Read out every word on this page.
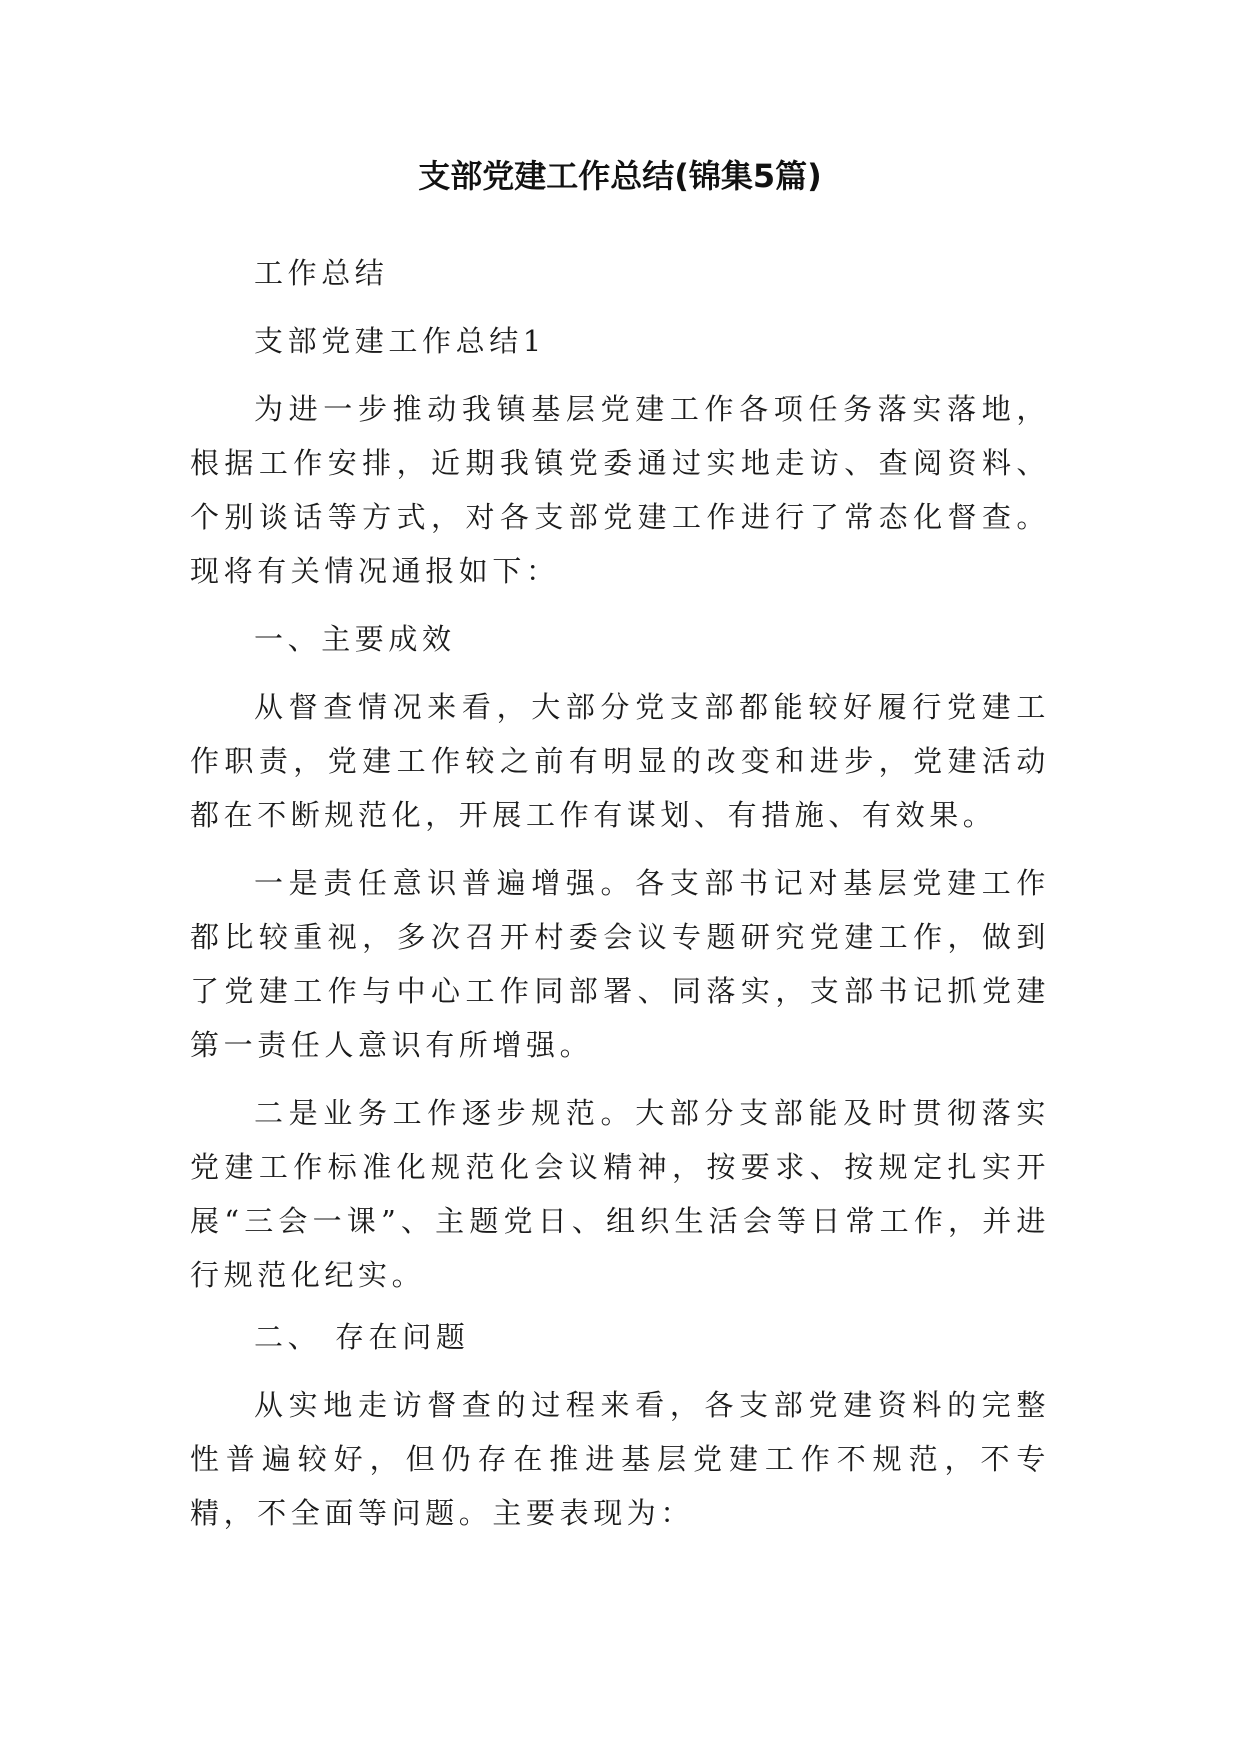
支部党建工作总结(锦集5篇)

工作总结

支部党建工作总结1

为进一步推动我镇基层党建工作各项任务落实落地，根据工作安排，近期我镇党委通过实地走访、查阅资料、个别谈话等方式，对各支部党建工作进行了常态化督查。现将有关情况通报如下：

一、主要成效

从督查情况来看，大部分党支部都能较好履行党建工作职责，党建工作较之前有明显的改变和进步，党建活动都在不断规范化，开展工作有谋划、有措施、有效果。

一是责任意识普遍增强。各支部书记对基层党建工作都比较重视，多次召开村委会议专题研究党建工作，做到了党建工作与中心工作同部署、同落实，支部书记抓党建第一责任人意识有所增强。

二是业务工作逐步规范。大部分支部能及时贯彻落实党建工作标准化规范化会议精神，按要求、按规定扎实开展“三会一课”、主题党日、组织生活会等日常工作，并进行规范化纪实。

二、 存在问题

从实地走访督查的过程来看，各支部党建资料的完整性普遍较好，但仍存在推进基层党建工作不规范，不专精，不全面等问题。主要表现为：
